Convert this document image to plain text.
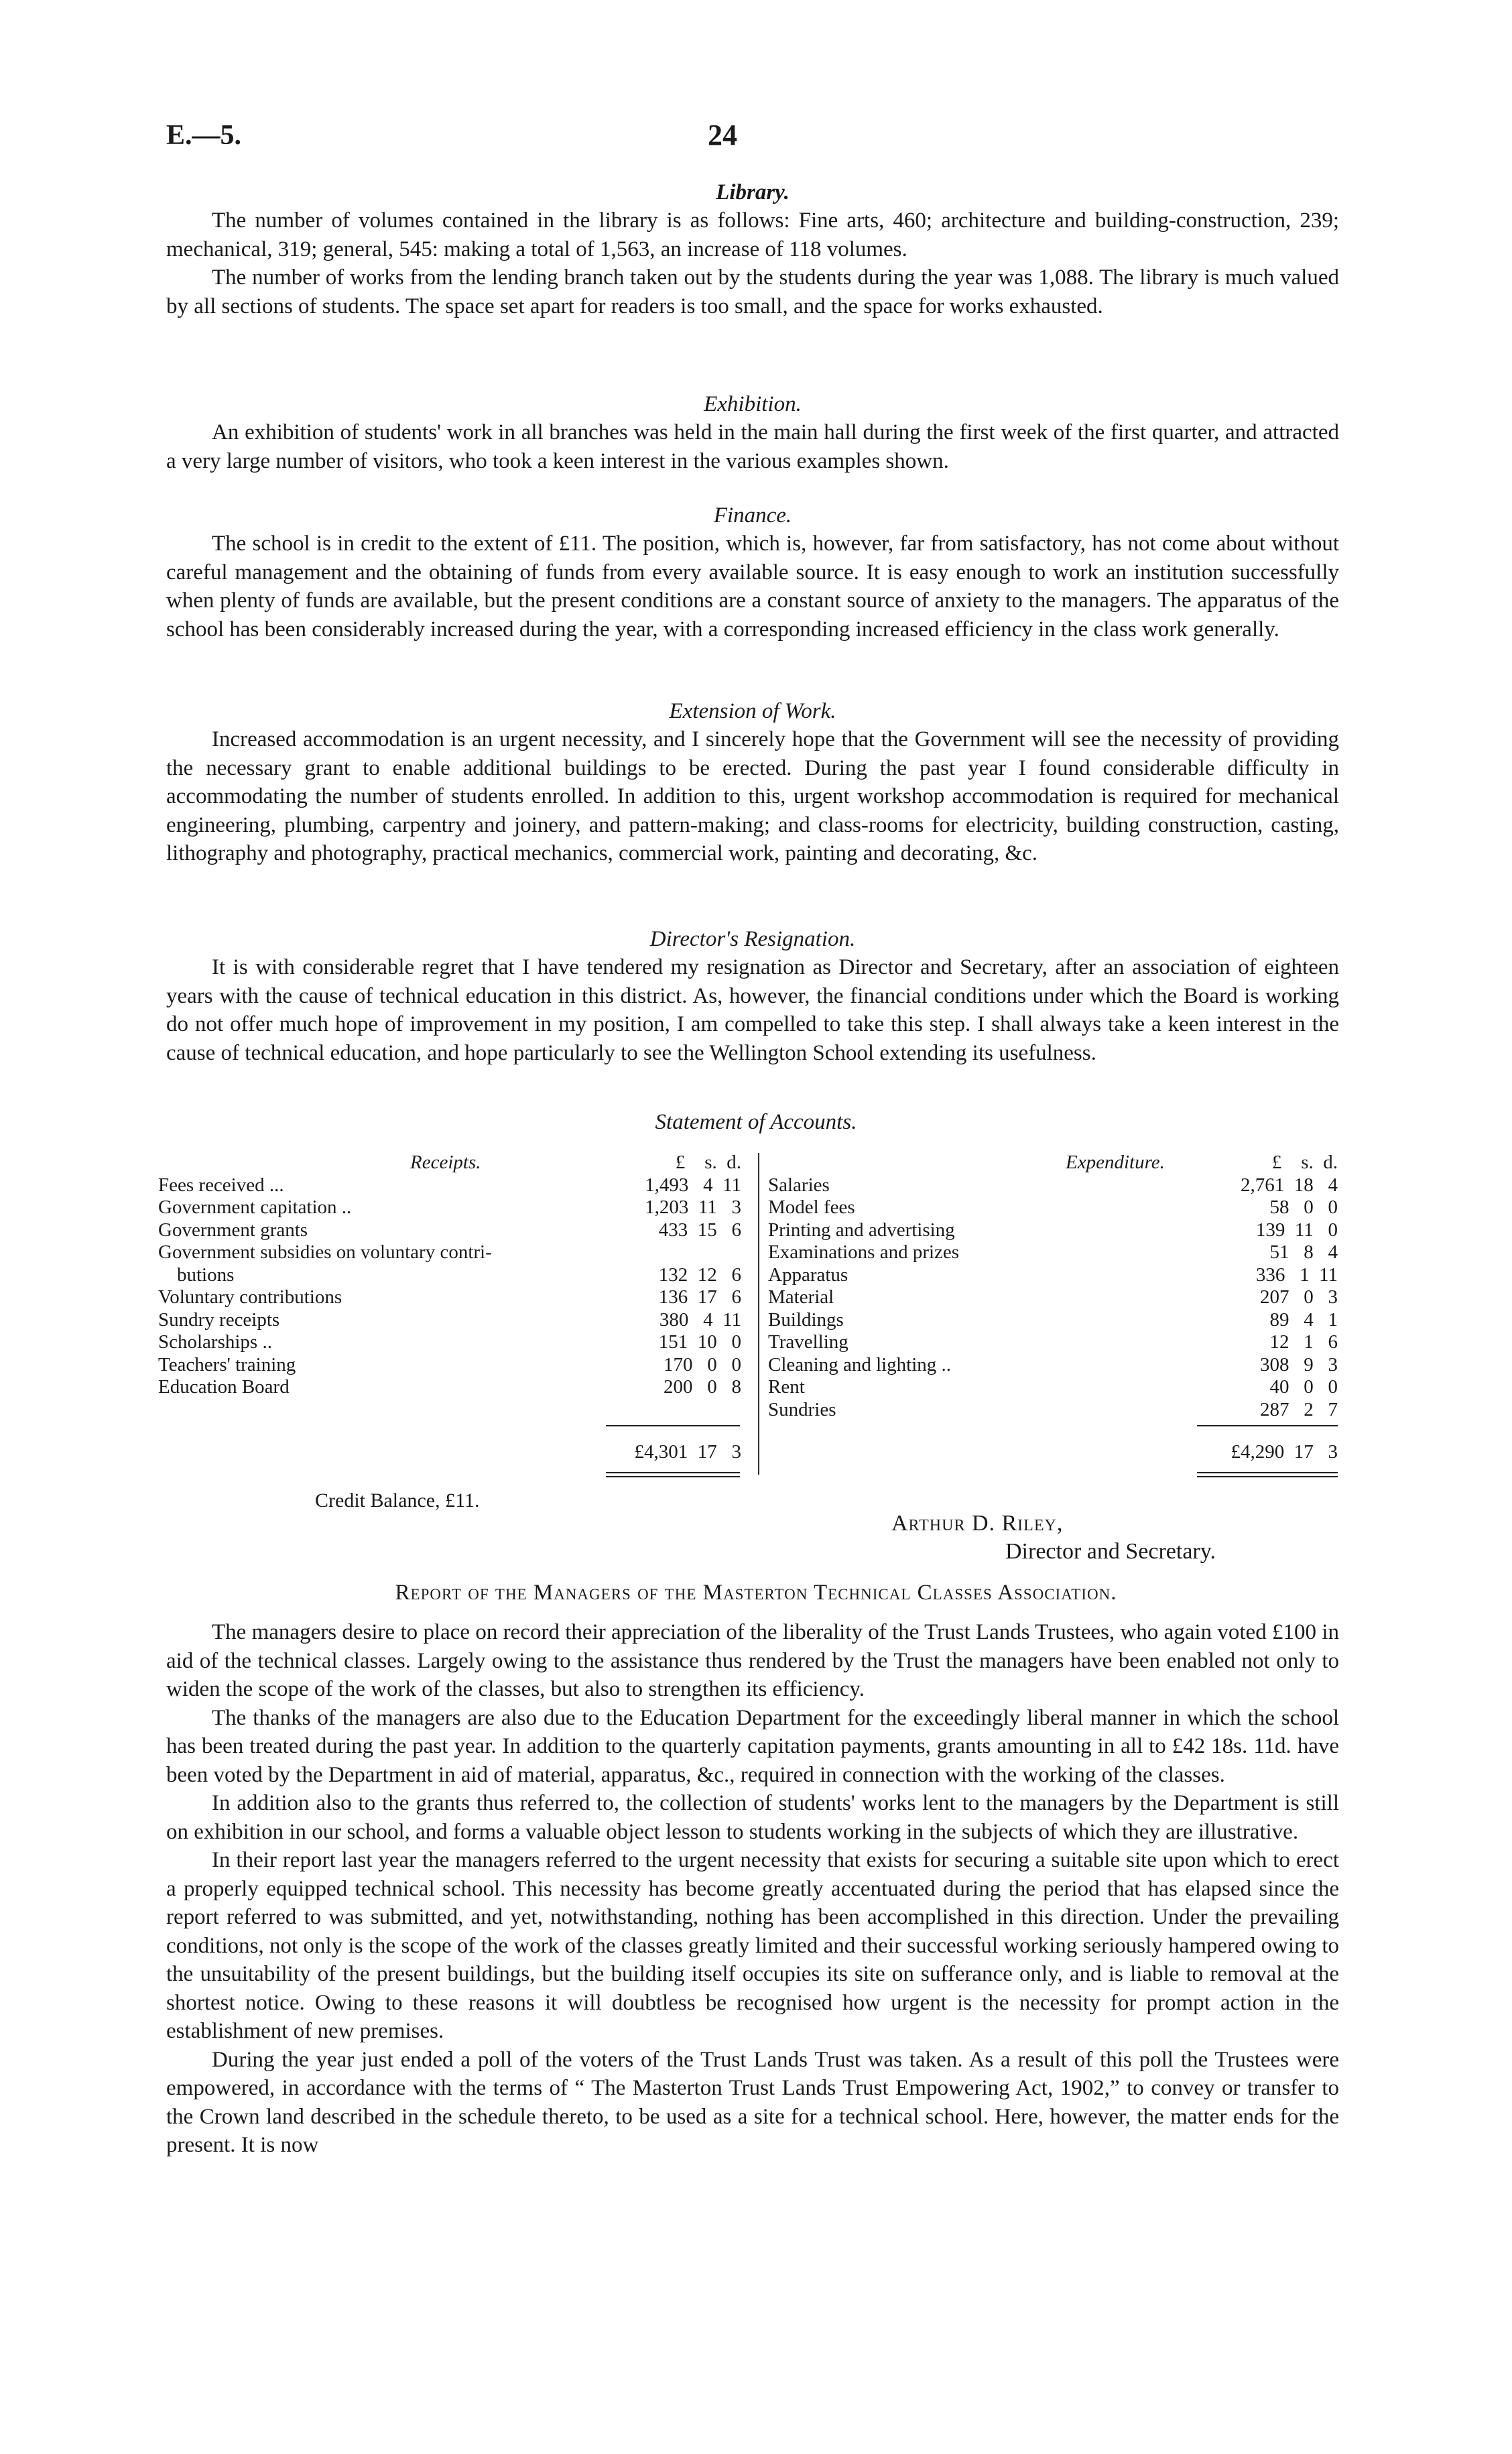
E.—5.	24
Library.

The number of volumes contained in the library is as follows: Fine arts, 460; architecture and building-construction, 239; mechanical, 319; general, 545: making a total of 1,563, an increase of 118 volumes.

The number of works from the lending branch taken out by the students during the year was 1,088. The library is much valued by all sections of students. The space set apart for readers is too small, and the space for works exhausted.

Exhibition.

An exhibition of students' work in all branches was held in the main hall during the first week of the first quarter, and attracted a very large number of visitors, who took a keen interest in the various examples shown.

Finance.

The school is in credit to the extent of £11. The position, which is, however, far from satisfactory, has not come about without careful management and the obtaining of funds from every available source. It is easy enough to work an institution successfully when plenty of funds are available, but the present conditions are a constant source of anxiety to the managers. The apparatus of the school has been considerably increased during the year, with a corresponding increased efficiency in the class work generally.

Extension of Work.

Increased accommodation is an urgent necessity, and I sincerely hope that the Government will see the necessity of providing the necessary grant to enable additional buildings to be erected. During the past year I found considerable difficulty in accommodating the number of students enrolled. In addition to this, urgent workshop accommodation is required for mechanical engineering, plumbing, carpentry and joinery, and pattern-making; and class-rooms for electricity, building construction, casting, lithography and photography, practical mechanics, commercial work, painting and decorating, &c.

Director's Resignation.

It is with considerable regret that I have tendered my resignation as Director and Secretary, after an association of eighteen years with the cause of technical education in this district. As, however, the financial conditions under which the Board is working do not offer much hope of improvement in my position, I am compelled to take this step. I shall always take a keen interest in the cause of technical education, and hope particularly to see the Wellington School extending its usefulness.

Statement of Accounts.
Receipts.	£    s.  d.
Fees received ...	1,493   4  11
Government capitation ..	1,203  11   3
Government grants	433  15   6
Government subsidies on voluntary contri-
butions	132  12   6
Voluntary contributions	136  17   6
Sundry receipts	380   4  11
Scholarships ..	151  10   0
Teachers' training	170   0   0
Education Board	200   0   8
Expenditure.	£    s.  d.
Salaries	2,761  18   4
Model fees	58   0   0
Printing and advertising	139  11   0
Examinations and prizes	51   8   4
Apparatus	336   1  11
Material	207   0   3
Buildings	89   4   1
Travelling	12   1   6
Cleaning and lighting ..	308   9   3
Rent	40   0   0
Sundries	287   2   7
£4,301  17   3	£4,290  17   3
Credit Balance, £11.
Arthur D. Riley,
Director and Secretary.
Report of the Managers of the Masterton Technical Classes Association.

The managers desire to place on record their appreciation of the liberality of the Trust Lands Trustees, who again voted £100 in aid of the technical classes. Largely owing to the assistance thus rendered by the Trust the managers have been enabled not only to widen the scope of the work of the classes, but also to strengthen its efficiency.

The thanks of the managers are also due to the Education Department for the exceedingly liberal manner in which the school has been treated during the past year. In addition to the quarterly capitation payments, grants amounting in all to £42 18s. 11d. have been voted by the Department in aid of material, apparatus, &c., required in connection with the working of the classes.

In addition also to the grants thus referred to, the collection of students' works lent to the managers by the Department is still on exhibition in our school, and forms a valuable object lesson to students working in the subjects of which they are illustrative.

In their report last year the managers referred to the urgent necessity that exists for securing a suitable site upon which to erect a properly equipped technical school. This necessity has become greatly accentuated during the period that has elapsed since the report referred to was submitted, and yet, notwithstanding, nothing has been accomplished in this direction. Under the prevailing conditions, not only is the scope of the work of the classes greatly limited and their successful working seriously hampered owing to the unsuitability of the present buildings, but the building itself occupies its site on sufferance only, and is liable to removal at the shortest notice. Owing to these reasons it will doubtless be recognised how urgent is the necessity for prompt action in the establishment of new premises.

During the year just ended a poll of the voters of the Trust Lands Trust was taken. As a result of this poll the Trustees were empowered, in accordance with the terms of “ The Masterton Trust Lands Trust Empowering Act, 1902,” to convey or transfer to the Crown land described in the schedule thereto, to be used as a site for a technical school. Here, however, the matter ends for the present. It is now
